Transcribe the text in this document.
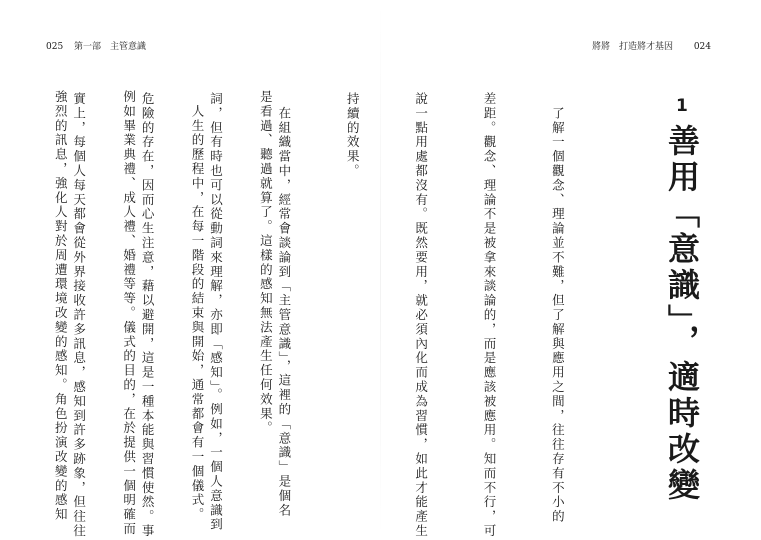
025 第一部　主管意識

是看過、聽過就算了。這樣的感知無法產生任何效果。

　人生的歷程中，在每一階段的結束與開始，通常都會有一個儀式。

例如畢業典禮、成人禮、婚禮等等。儀式的目的，在於提供一個明確而

強烈的訊息，強化人對於周遭環境改變的感知。角色扮演改變的感知

將將　打造將才基因 024
1
善用「意識」，適時改變

　了解一個觀念、理論並不難，但了解與應用之間，往往存有不小的

差距。觀念、理論不是被拿來談論的，而是應該被應用。知而不行，可

說一點用處都沒有。既然要用，就必須內化而成為習慣，如此才能產生

持續的效果。

　在組織當中，經常會談論到「主管意識」，這裡的「意識」是個名

詞，但有時也可以從動詞來理解，亦即「感知」。例如，一個人意識到

危險的存在，因而心生注意，藉以避開，這是一種本能與習慣使然。事

實上，每個人每天都會從外界接收許多訊息，感知到許多跡象，但往往
